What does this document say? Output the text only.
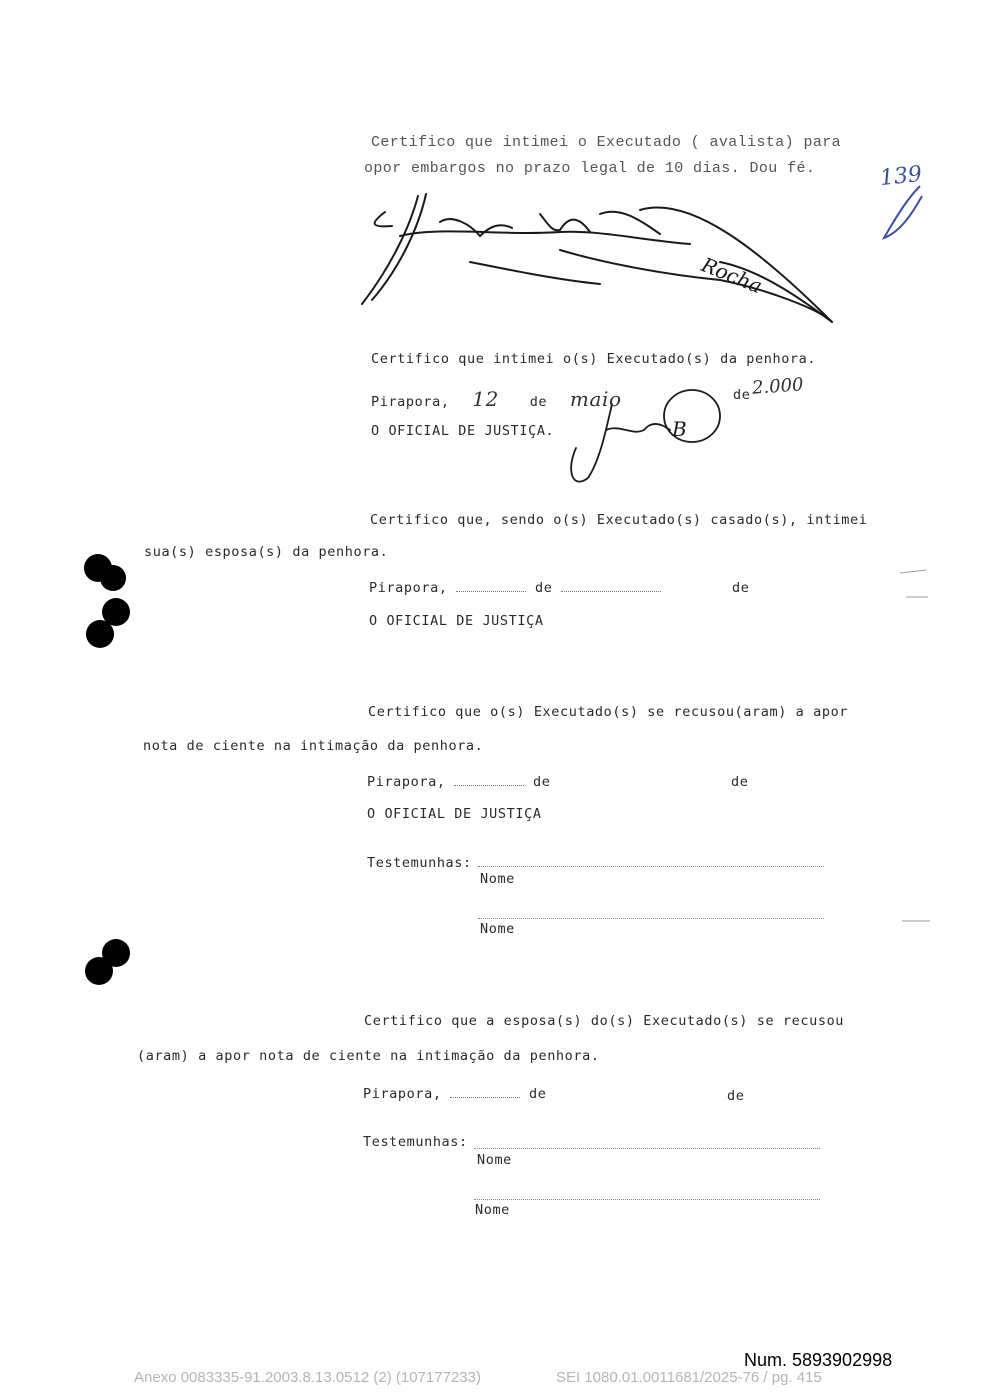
Certifico que intimei o Executado ( avalista) para
opor embargos no prazo legal de 10 dias. Dou fé.	139
Rocha
B
Certifico que intimei o(s) Executado(s) da penhora.
Pirapora, 12 de maio	de 2.000
O OFICIAL DE JUSTIÇA.
Certifico que, sendo o(s) Executado(s) casado(s), intimei
sua(s) esposa(s) da penhora.
Pirapora,	de	de
O OFICIAL DE JUSTIÇA
Certifico que o(s) Executado(s) se recusou(aram) a apor
nota de ciente na intimação da penhora.
Pirapora,	de	de
O OFICIAL DE JUSTIÇA
Testemunhas:
Nome
Nome
Certifico que a esposa(s) do(s) Executado(s) se recusou
(aram) a apor nota de ciente na intimação da penhora.
Pirapora,	de	de
Testemunhas:
Nome
Nome
Num. 5893902998
Anexo 0083335-91.2003.8.13.0512 (2) (107177233)	SEI 1080.01.0011681/2025-76 / pg. 415
